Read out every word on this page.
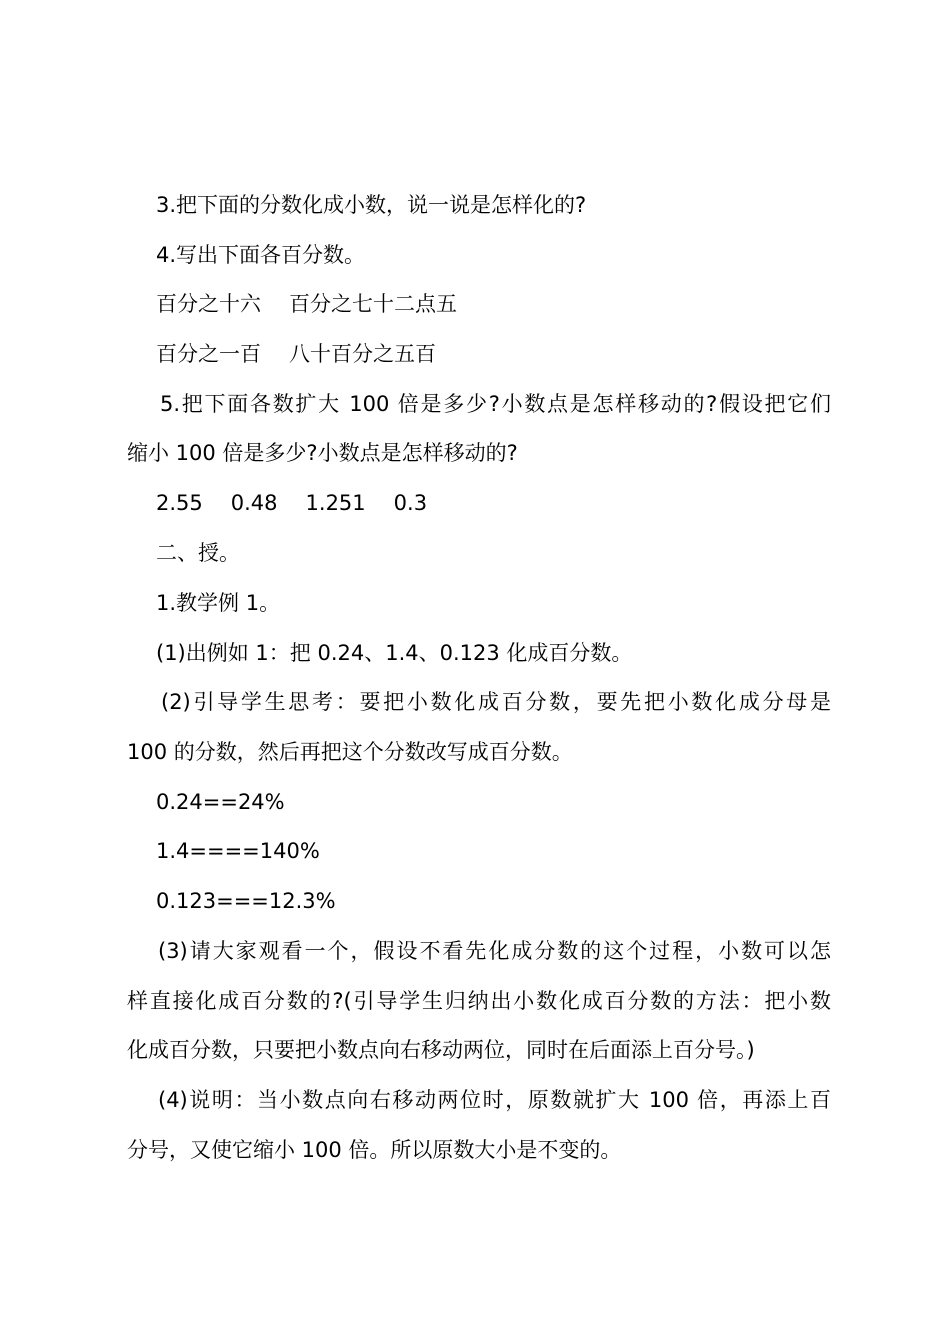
3.把下面的分数化成小数，说一说是怎样化的?
4.写出下面各百分数。
百分之十六 百分之七十二点五
百分之一百 八十百分之五百
5.把下面各数扩大 100 倍是多少?小数点是怎样移动的?假设把它们
缩小 100 倍是多少?小数点是怎样移动的?
2.55 0.48 1.251 0.3
二、授。
1.教学例 1。
(1)出例如 1：把 0.24、1.4、0.123 化成百分数。
(2)引导学生思考：要把小数化成百分数，要先把小数化成分母是
100 的分数，然后再把这个分数改写成百分数。
0.24==24%
1.4====140%
0.123===12.3%
(3)请大家观看一个，假设不看先化成分数的这个过程，小数可以怎
样直接化成百分数的?(引导学生归纳出小数化成百分数的方法：把小数
化成百分数，只要把小数点向右移动两位，同时在后面添上百分号。)
(4)说明：当小数点向右移动两位时，原数就扩大 100 倍，再添上百
分号，又使它缩小 100 倍。所以原数大小是不变的。
